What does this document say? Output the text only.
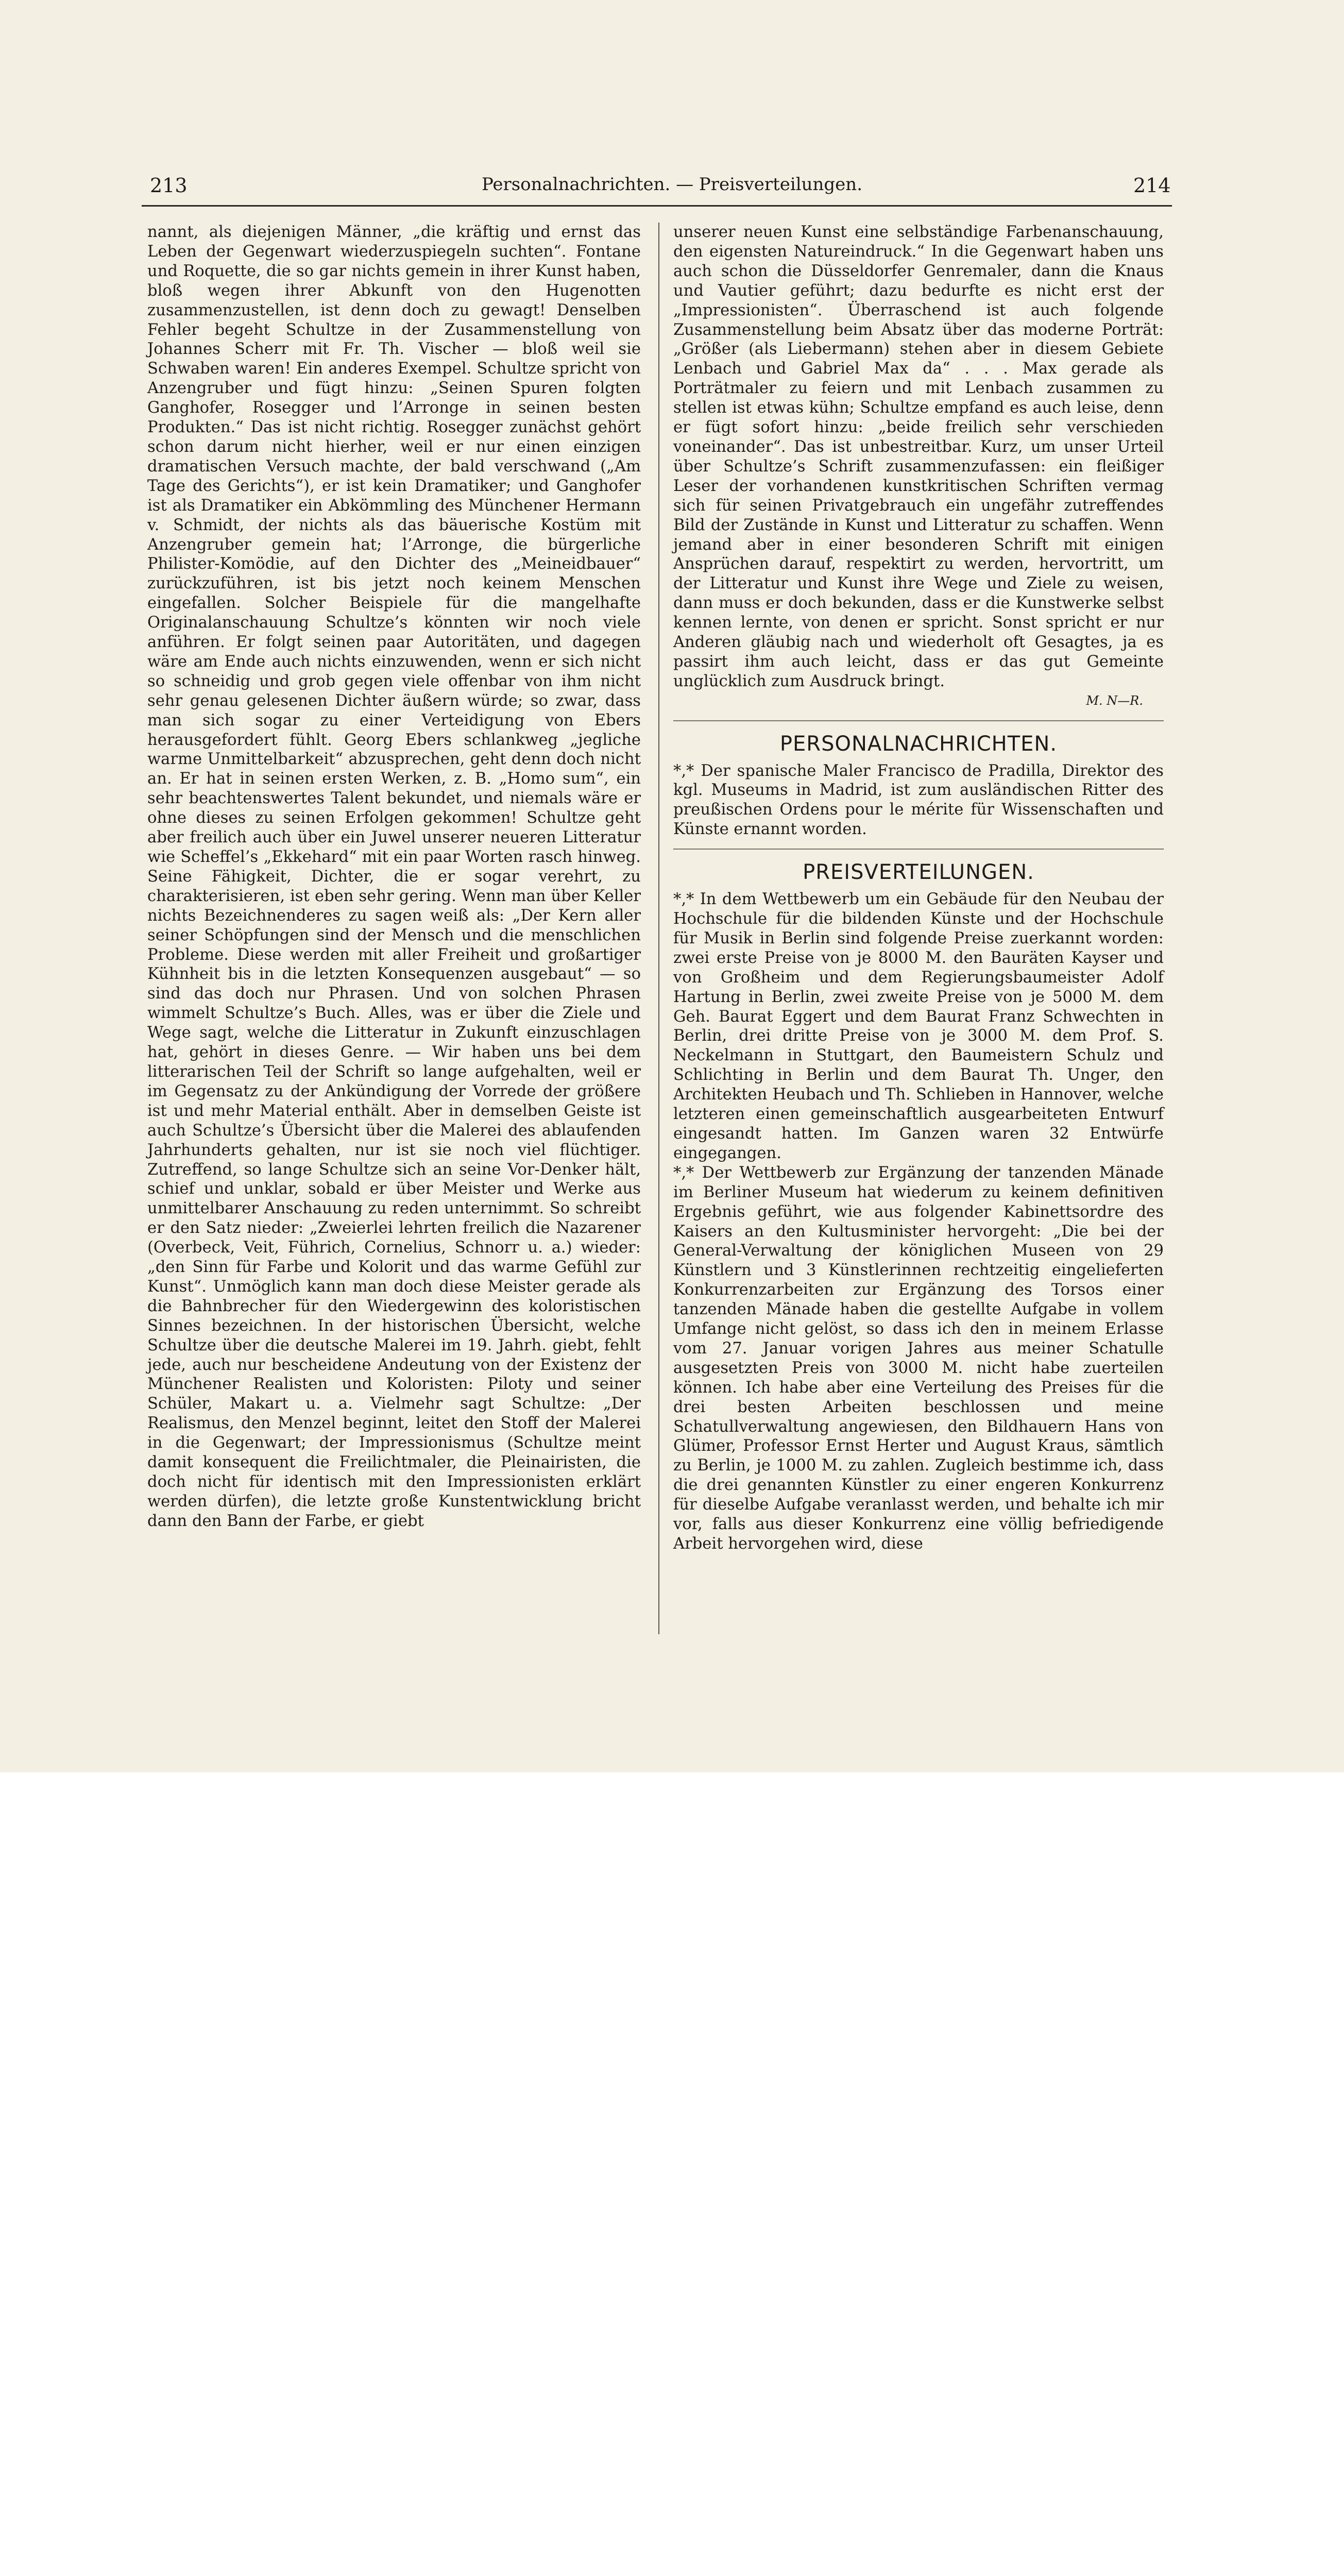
213	Personalnachrichten. — Preisverteilungen.	214

nannt, als diejenigen Männer, „die kräftig und ernst das Leben der Gegenwart wiederzuspiegeln suchten“. Fontane und Roquette, die so gar nichts gemein in ihrer Kunst haben, bloß wegen ihrer Abkunft von den Hugenotten zusammenzustellen, ist denn doch zu gewagt! Denselben Fehler begeht Schultze in der Zusammenstellung von Johannes Scherr mit Fr. Th. Vischer — bloß weil sie Schwaben waren! Ein anderes Exempel. Schultze spricht von Anzengruber und fügt hinzu: „Seinen Spuren folgten Ganghofer, Rosegger und l’Arronge in seinen besten Produkten.“ Das ist nicht richtig. Rosegger zunächst gehört schon darum nicht hierher, weil er nur einen einzigen dramatischen Versuch machte, der bald verschwand („Am Tage des Gerichts“), er ist kein Dramatiker; und Ganghofer ist als Dramatiker ein Abkömmling des Münchener Hermann v. Schmidt, der nichts als das bäuerische Kostüm mit Anzengruber gemein hat; l’Arronge, die bürgerliche Philister-Komödie, auf den Dichter des „Meineidbauer“ zurückzuführen, ist bis jetzt noch keinem Menschen eingefallen. Solcher Beispiele für die mangelhafte Originalanschauung Schultze’s könnten wir noch viele anführen. Er folgt seinen paar Autoritäten, und dagegen wäre am Ende auch nichts einzuwenden, wenn er sich nicht so schneidig und grob gegen viele offenbar von ihm nicht sehr genau gelesenen Dichter äußern würde; so zwar, dass man sich sogar zu einer Verteidigung von Ebers herausgefordert fühlt. Georg Ebers schlankweg „jegliche warme Unmittelbarkeit“ abzusprechen, geht denn doch nicht an. Er hat in seinen ersten Werken, z. B. „Homo sum“, ein sehr beachtenswertes Talent bekundet, und niemals wäre er ohne dieses zu seinen Erfolgen gekommen! Schultze geht aber freilich auch über ein Juwel unserer neueren Litteratur wie Scheffel’s „Ekkehard“ mit ein paar Worten rasch hinweg. Seine Fähigkeit, Dichter, die er sogar verehrt, zu charakterisieren, ist eben sehr gering. Wenn man über Keller nichts Bezeichnenderes zu sagen weiß als: „Der Kern aller seiner Schöpfungen sind der Mensch und die menschlichen Probleme. Diese werden mit aller Freiheit und großartiger Kühnheit bis in die letzten Konsequenzen ausgebaut“ — so sind das doch nur Phrasen. Und von solchen Phrasen wimmelt Schultze’s Buch. Alles, was er über die Ziele und Wege sagt, welche die Litteratur in Zukunft einzuschlagen hat, gehört in dieses Genre. — Wir haben uns bei dem litterarischen Teil der Schrift so lange aufgehalten, weil er im Gegensatz zu der Ankündigung der Vorrede der größere ist und mehr Material enthält. Aber in demselben Geiste ist auch Schultze’s Übersicht über die Malerei des ablaufenden Jahrhunderts gehalten, nur ist sie noch viel flüchtiger. Zutreffend, so lange Schultze sich an seine Vor-Denker hält, schief und unklar, sobald er über Meister und Werke aus unmittelbarer Anschauung zu reden unternimmt. So schreibt er den Satz nieder: „Zweierlei lehrten freilich die Nazarener (Overbeck, Veit, Führich, Cornelius, Schnorr u. a.) wieder: „den Sinn für Farbe und Kolorit und das warme Gefühl zur Kunst“. Unmöglich kann man doch diese Meister gerade als die Bahnbrecher für den Wiedergewinn des koloristischen Sinnes bezeichnen. In der historischen Übersicht, welche Schultze über die deutsche Malerei im 19. Jahrh. giebt, fehlt jede, auch nur bescheidene Andeutung von der Existenz der Münchener Realisten und Koloristen: Piloty und seiner Schüler, Makart u. a. Vielmehr sagt Schultze: „Der Realismus, den Menzel beginnt, leitet den Stoff der Malerei in die Gegenwart; der Impressionismus (Schultze meint damit konsequent die Freilichtmaler, die Pleinairisten, die doch nicht für identisch mit den Impressionisten erklärt werden dürfen), die letzte große Kunstentwicklung bricht dann den Bann der Farbe, er giebt

unserer neuen Kunst eine selbständige Farbenanschauung, den eigensten Natureindruck.“ In die Gegenwart haben uns auch schon die Düsseldorfer Genremaler, dann die Knaus und Vautier geführt; dazu bedurfte es nicht erst der „Impressionisten“. Überraschend ist auch folgende Zusammenstellung beim Absatz über das moderne Porträt: „Größer (als Liebermann) stehen aber in diesem Gebiete Lenbach und Gabriel Max da“ . . . Max gerade als Porträtmaler zu feiern und mit Lenbach zusammen zu stellen ist etwas kühn; Schultze empfand es auch leise, denn er fügt sofort hinzu: „beide freilich sehr verschieden voneinander“. Das ist unbestreitbar. Kurz, um unser Urteil über Schultze’s Schrift zusammenzufassen: ein fleißiger Leser der vorhandenen kunstkritischen Schriften vermag sich für seinen Privatgebrauch ein ungefähr zutreffendes Bild der Zustände in Kunst und Litteratur zu schaffen. Wenn jemand aber in einer besonderen Schrift mit einigen Ansprüchen darauf, respektirt zu werden, hervortritt, um der Litteratur und Kunst ihre Wege und Ziele zu weisen, dann muss er doch bekunden, dass er die Kunstwerke selbst kennen lernte, von denen er spricht. Sonst spricht er nur Anderen gläubig nach und wiederholt oft Gesagtes, ja es passirt ihm auch leicht, dass er das gut Gemeinte unglücklich zum Ausdruck bringt.

M. N—R.
PERSONALNACHRICHTEN.

*‚* Der spanische Maler Francisco de Pradilla, Direktor des kgl. Museums in Madrid, ist zum ausländischen Ritter des preußischen Ordens pour le mérite für Wissenschaften und Künste ernannt worden.

PREISVERTEILUNGEN.

*‚* In dem Wettbewerb um ein Gebäude für den Neubau der Hochschule für die bildenden Künste und der Hochschule für Musik in Berlin sind folgende Preise zuerkannt worden: zwei erste Preise von je 8000 M. den Bauräten Kayser und von Großheim und dem Regierungsbaumeister Adolf Hartung in Berlin, zwei zweite Preise von je 5000 M. dem Geh. Baurat Eggert und dem Baurat Franz Schwechten in Berlin, drei dritte Preise von je 3000 M. dem Prof. S. Neckelmann in Stuttgart, den Baumeistern Schulz und Schlichting in Berlin und dem Baurat Th. Unger, den Architekten Heubach und Th. Schlieben in Hannover, welche letzteren einen gemeinschaftlich ausgearbeiteten Entwurf eingesandt hatten. Im Ganzen waren 32 Entwürfe eingegangen.

*‚* Der Wettbewerb zur Ergänzung der tanzenden Mänade im Berliner Museum hat wiederum zu keinem definitiven Ergebnis geführt, wie aus folgender Kabinettsordre des Kaisers an den Kultusminister hervorgeht: „Die bei der General-Verwaltung der königlichen Museen von 29 Künstlern und 3 Künstlerinnen rechtzeitig eingelieferten Konkurrenzarbeiten zur Ergänzung des Torsos einer tanzenden Mänade haben die gestellte Aufgabe in vollem Umfange nicht gelöst, so dass ich den in meinem Erlasse vom 27. Januar vorigen Jahres aus meiner Schatulle ausgesetzten Preis von 3000 M. nicht habe zuerteilen können. Ich habe aber eine Verteilung des Preises für die drei besten Arbeiten beschlossen und meine Schatullverwaltung angewiesen, den Bildhauern Hans von Glümer, Professor Ernst Herter und August Kraus, sämtlich zu Berlin, je 1000 M. zu zahlen. Zugleich bestimme ich, dass die drei genannten Künstler zu einer engeren Konkurrenz für dieselbe Aufgabe veranlasst werden, und behalte ich mir vor, falls aus dieser Konkurrenz eine völlig befriedigende Arbeit hervorgehen wird, diese
